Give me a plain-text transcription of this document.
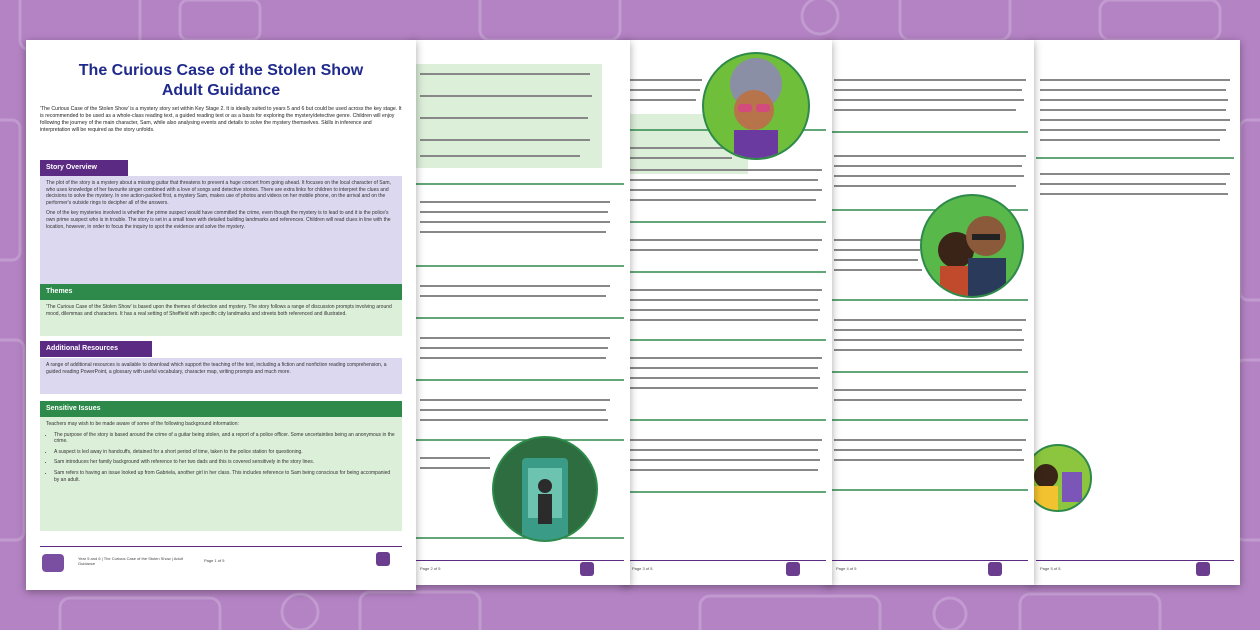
The Curious Case of the Stolen Show
Adult Guidance
'The Curious Case of the Stolen Show' is a mystery story set within Key Stage 2. It is ideally suited to years 5 and 6 but could be used across the key stage. It is recommended to be used as a whole-class reading text, a guided reading text or as a basis for exploring the mystery/detective genre. Children will enjoy following the journey of the main character, Sam, while also analysing events and details to solve the mystery themselves. Skills in inference and interpretation will be required as the story unfolds.
Story Overview

The plot of the story is a mystery about a missing guitar that threatens to prevent a huge concert from going ahead. It focuses on the local character of Sam, who uses knowledge of her favourite singer combined with a love of songs and detective stories. There are extra links for children to interpret the clues and decisions to solve the mystery. In one action-packed first, a mystery Sam, makes use of photos and videos on her mobile phone, on the arrival and on the performer's outside rings to decipher all of the answers.

One of the key mysteries involved is whether the prime suspect would have committed the crime, even though the mystery is to lead to and it is the police's own prime suspect who is in trouble. The story is set in a small town with detailed building landmarks and references. Children will read clues in line with the location, however, in order to focus the inquiry to spot the evidence and solve the mystery.

Themes

'The Curious Case of the Stolen Show' is based upon the themes of detection and mystery. The story follows a range of discussion prompts involving around mood, dilemmas and characters. It has a real setting of Sheffield with specific city landmarks and streets both referenced and illustrated.

Additional Resources

A range of additional resources is available to download which support the teaching of the text, including a fiction and nonfiction reading comprehension, a guided reading PowerPoint, a glossary with useful vocabulary, character map, writing prompts and much more.

Sensitive Issues

Teachers may wish to be made aware of some of the following background information:

• The purpose of the story is based around the crime of a guitar being stolen, and a report of a police officer. Some uncertainties being an anonymous in the crime.
• A suspect is led away in handcuffs, detained for a short period of time, taken to the police station for questioning.
• Sam introduces her family background with reference to her two dads and this is covered sensitively in the story lines.
• Sam refers to having an issue looked up from Gabriela, another girl in her class. This includes reference to Sam being conscious for being accompanied by an adult.
Year 5 and 6 | The Curious Case of the Stolen Show | Adult Guidance
Page 1 of 5
Page 2 of 5	Page 3 of 5	Page 4 of 5	Page 5 of 5
